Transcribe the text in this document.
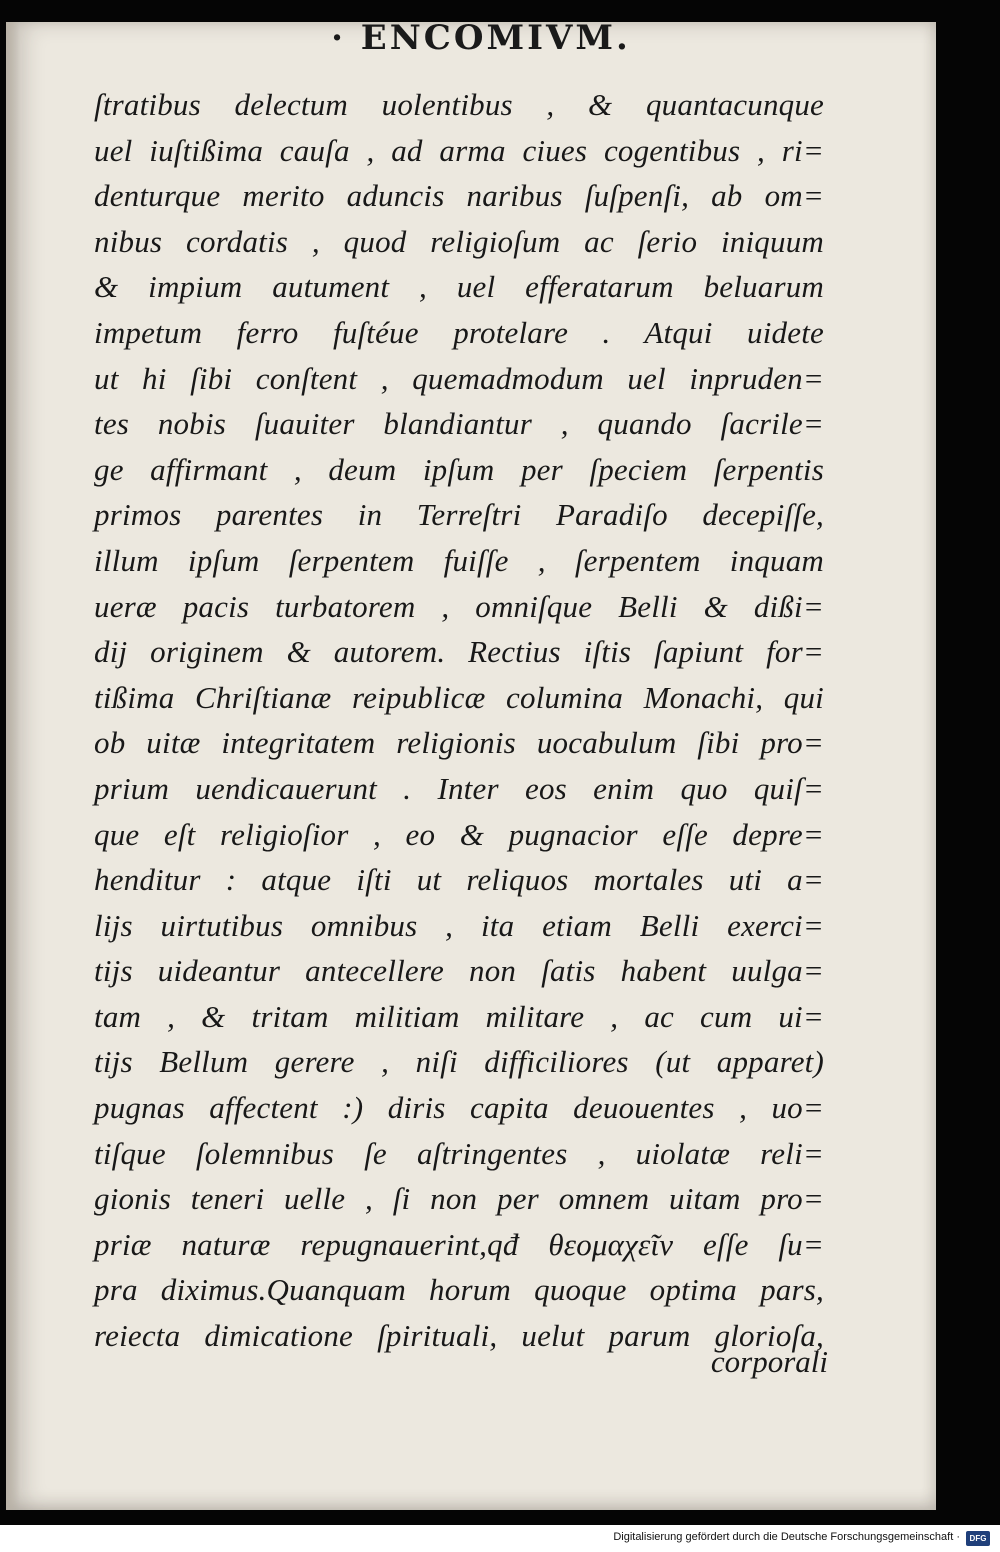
· ENCOMIVM.
ſtratibus delectum uolentibus , & quantacunque
uel iuſtißima cauſa , ad arma ciues cogentibus , ri=
denturque merito aduncis naribus ſuſpenſi, ab om=
nibus cordatis , quod religioſum ac ſerio iniquum
& impium autument , uel efferatarum beluarum
impetum ferro fuſtéue protelare . Atqui uidete
ut hi ſibi conſtent , quemadmodum uel inpruden=
tes nobis ſuauiter blandiantur , quando ſacrile=
ge affirmant , deum ipſum per ſpeciem ſerpentis
primos parentes in Terreſtri Paradiſo decepiſſe,
illum ipſum ſerpentem fuiſſe , ſerpentem inquam
ueræ pacis turbatorem , omniſque Belli & dißi=
dij originem & autorem. Rectius iſtis ſapiunt for=
tißima Chriſtianæ reipublicæ columina Monachi, qui
ob uitæ integritatem religionis uocabulum ſibi pro=
prium uendicauerunt . Inter eos enim quo quiſ=
que eſt religioſior , eo & pugnacior eſſe depre=
henditur : atque iſti ut reliquos mortales uti a=
lijs uirtutibus omnibus , ita etiam Belli exerci=
tijs uideantur antecellere non ſatis habent uulga=
tam , & tritam militiam militare , ac cum ui=
tijs Bellum gerere , niſi difficiliores (ut apparet)
pugnas affectent :) diris capita deuouentes , uo=
tiſque ſolemnibus ſe aſtringentes , uiolatæ reli=
gionis teneri uelle , ſi non per omnem uitam pro=
priæ naturæ repugnauerint,qđ θεομαχεῖν eſſe ſu=
pra diximus.Quanquam horum quoque optima pars,
reiecta dimicatione ſpirituali, uelut parum glorioſa,
corporali
Digitalisierung gefördert durch die Deutsche Forschungsgemeinschaft ·	DFG
